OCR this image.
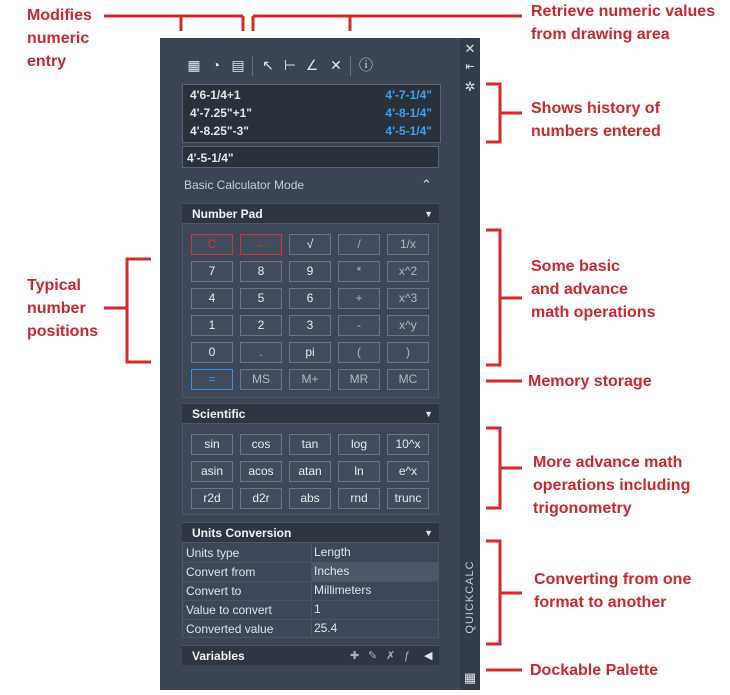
Modifies
numeric
entry
Retrieve numeric values
from drawing area
Shows history of
numbers entered
Typical
number
positions
Some basic
and advance
math operations
Memory storage
More advance math
operations including
trigonometry
Converting from one
format to another
Dockable Palette
✕
⇤
✲
▦
QUICKCALC
▦ ◔ ▤ ↖ ⊢ ∠ ✕ ⓘ
4'6-1/4+1	4'-7-1/4"
4'-7.25"+1"	4'-8-1/4"
4'-8.25"-3"	4'-5-1/4"
4'-5-1/4"
Basic Calculator Mode	⌃
Number Pad	▼
C	←	√	/	1/x
7	8	9	*	x^2
4	5	6	+	x^3
1	2	3	-	x^y
0	.	pi	(	)
=	MS	M+	MR	MC
Scientific	▼
sin	cos	tan	log	10^x
asin	acos	atan	ln	e^x
r2d	d2r	abs	rnd	trunc
Units Conversion	▼
Units type	Length
Convert from	Inches
Convert to	Millimeters
Value to convert	1
Converted value	25.4
Variables	✚ ✎ ✗ ƒ ◀
